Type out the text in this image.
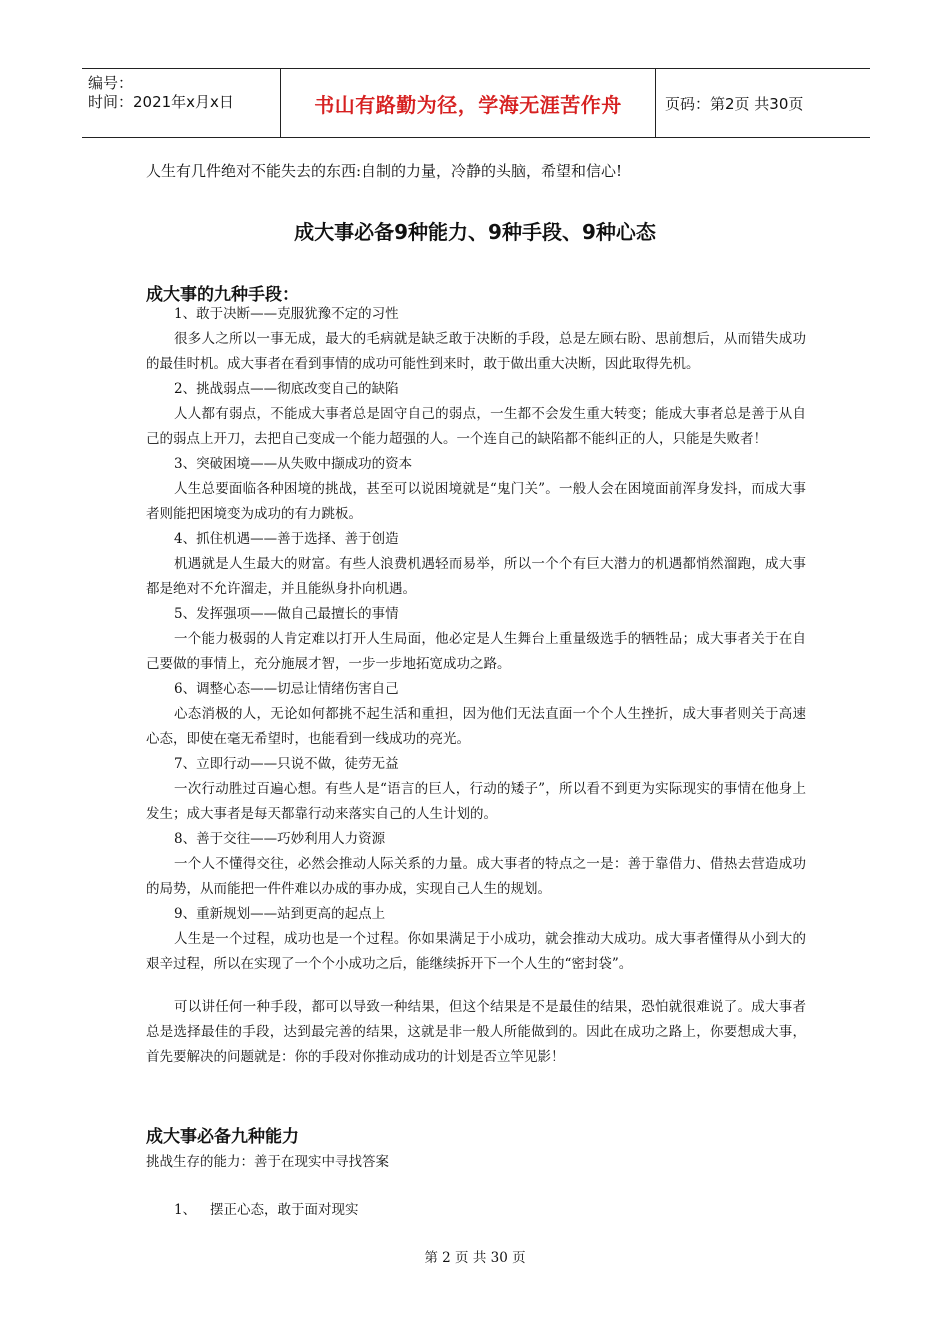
编号：
时间：2021年x月x日	书山有路勤为径，学海无涯苦作舟	页码：第2页 共30页
人生有几件绝对不能失去的东西:自制的力量，冷静的头脑，希望和信心!
成大事必备9种能力、9种手段、9种心态
成大事的九种手段：

1、敢于决断——克服犹豫不定的习性

很多人之所以一事无成，最大的毛病就是缺乏敢于决断的手段，总是左顾右盼、思前想后，从而错失成功的最佳时机。成大事者在看到事情的成功可能性到来时，敢于做出重大决断，因此取得先机。

2、挑战弱点——彻底改变自己的缺陷

人人都有弱点，不能成大事者总是固守自己的弱点，一生都不会发生重大转变；能成大事者总是善于从自己的弱点上开刀，去把自己变成一个能力超强的人。一个连自己的缺陷都不能纠正的人，只能是失败者！

3、突破困境——从失败中撷成功的资本

人生总要面临各种困境的挑战，甚至可以说困境就是“鬼门关”。一般人会在困境面前浑身发抖，而成大事者则能把困境变为成功的有力跳板。

4、抓住机遇——善于选择、善于创造

机遇就是人生最大的财富。有些人浪费机遇轻而易举，所以一个个有巨大潜力的机遇都悄然溜跑，成大事都是绝对不允许溜走，并且能纵身扑向机遇。

5、发挥强项——做自己最擅长的事情

一个能力极弱的人肯定难以打开人生局面，他必定是人生舞台上重量级选手的牺牲品；成大事者关于在自己要做的事情上，充分施展才智，一步一步地拓宽成功之路。

6、调整心态——切忌让情绪伤害自己

心态消极的人，无论如何都挑不起生活和重担，因为他们无法直面一个个人生挫折，成大事者则关于高速心态，即使在毫无希望时，也能看到一线成功的亮光。

7、立即行动——只说不做，徒劳无益

一次行动胜过百遍心想。有些人是“语言的巨人，行动的矮子”，所以看不到更为实际现实的事情在他身上发生；成大事者是每天都靠行动来落实自己的人生计划的。

8、善于交往——巧妙利用人力资源

一个人不懂得交往，必然会推动人际关系的力量。成大事者的特点之一是：善于靠借力、借热去营造成功的局势，从而能把一件件难以办成的事办成，实现自己人生的规划。

9、重新规划——站到更高的起点上

人生是一个过程，成功也是一个过程。你如果满足于小成功，就会推动大成功。成大事者懂得从小到大的艰辛过程，所以在实现了一个个小成功之后，能继续拆开下一个人生的“密封袋”。

可以讲任何一种手段，都可以导致一种结果，但这个结果是不是最佳的结果，恐怕就很难说了。成大事者总是选择最佳的手段，达到最完善的结果，这就是非一般人所能做到的。因此在成功之路上，你要想成大事，首先要解决的问题就是：你的手段对你推动成功的计划是否立竿见影！

成大事必备九种能力
挑战生存的能力：善于在现实中寻找答案
1、 摆正心态，敢于面对现实
第 2 页 共 30 页
